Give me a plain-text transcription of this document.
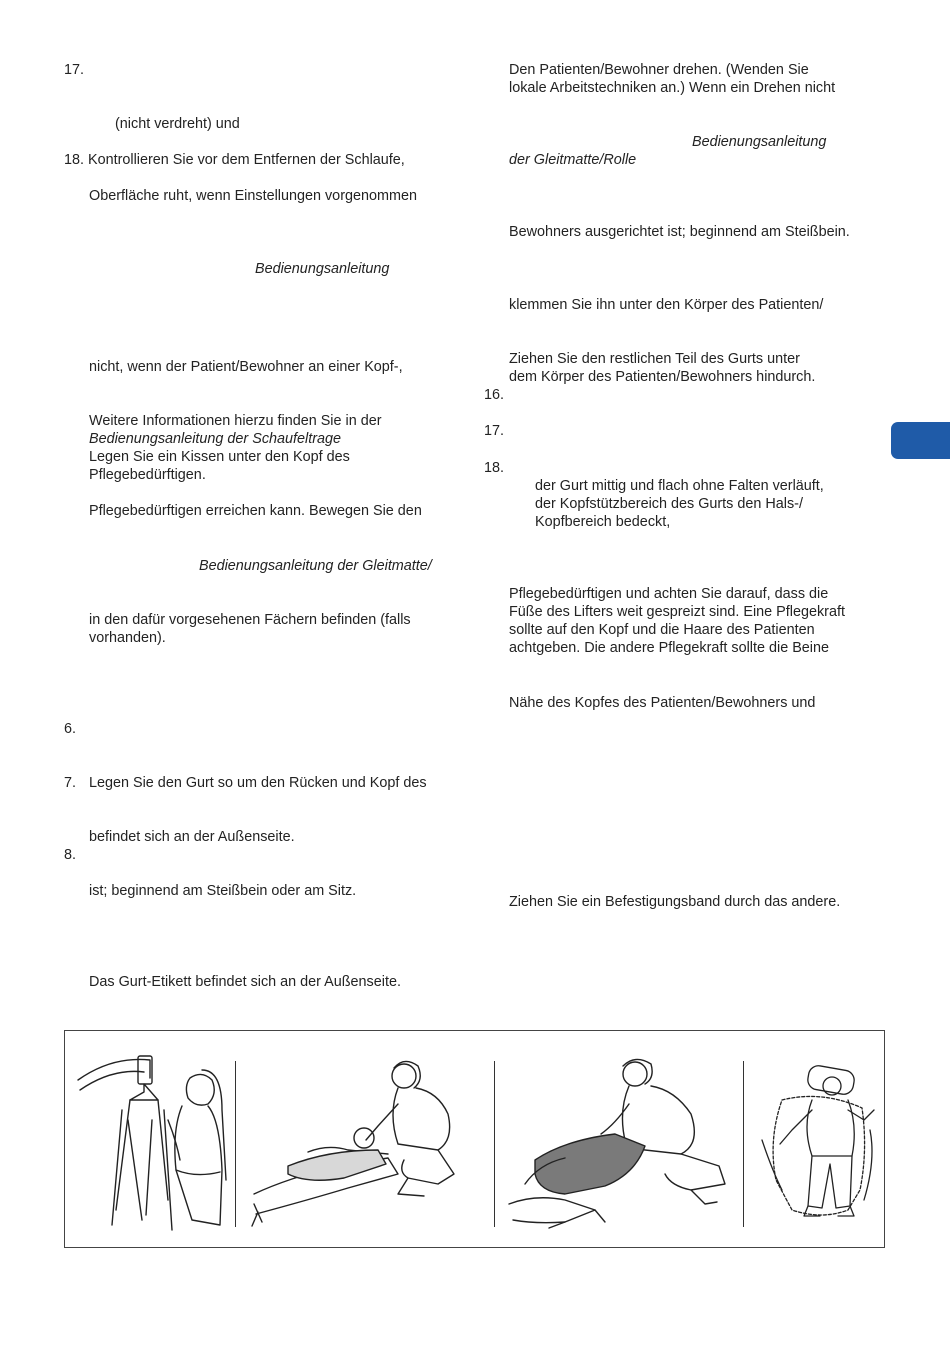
17.
(nicht verdreht) und
18. Kontrollieren Sie vor dem Entfernen der Schlaufe,
Oberfläche ruht, wenn Einstellungen vorgenommen
Bedienungsanleitung
nicht, wenn der Patient/Bewohner an einer Kopf-,
Weitere Informationen hierzu finden Sie in der
Bedienungsanleitung der Schaufeltrage
Legen Sie ein Kissen unter den Kopf des
Pflegebedürftigen.
Pflegebedürftigen erreichen kann. Bewegen Sie den
Bedienungsanleitung der Gleitmatte/
in den dafür vorgesehenen Fächern befinden (falls
vorhanden).
6.
7. Legen Sie den Gurt so um den Rücken und Kopf des
befindet sich an der Außenseite.
8.
ist; beginnend am Steißbein oder am Sitz.
Das Gurt-Etikett befindet sich an der Außenseite.
Den Patienten/Bewohner drehen. (Wenden Sie
lokale Arbeitstechniken an.) Wenn ein Drehen nicht
Bedienungsanleitung
der Gleitmatte/Rolle
Bewohners ausgerichtet ist; beginnend am Steißbein.
klemmen Sie ihn unter den Körper des Patienten/
Ziehen Sie den restlichen Teil des Gurts unter
dem Körper des Patienten/Bewohners hindurch.
16.
17.
18.
der Gurt mittig und flach ohne Falten verläuft,
der Kopfstützbereich des Gurts den Hals-/
Kopfbereich bedeckt,
Pflegebedürftigen und achten Sie darauf, dass die
Füße des Lifters weit gespreizt sind. Eine Pflegekraft
sollte auf den Kopf und die Haare des Patienten
achtgeben. Die andere Pflegekraft sollte die Beine
Nähe des Kopfes des Patienten/Bewohners und
Ziehen Sie ein Befestigungsband durch das andere.
